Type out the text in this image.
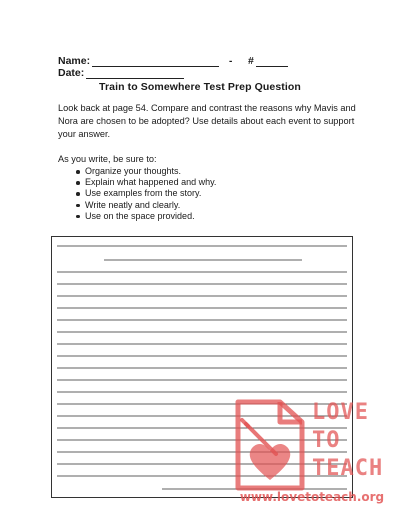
Name:	- #
Date:
Train to Somewhere Test Prep Question
Look back at page 54. Compare and contrast the reasons why Mavis and Nora are chosen to be adopted? Use details about each event to support your answer.
As you write, be sure to:
Organize your thoughts.
Explain what happened and why.
Use examples from the story.
Write neatly and clearly.
Use on the space provided.
LOVE
TO
TEACH
www.lovetoteach.org
